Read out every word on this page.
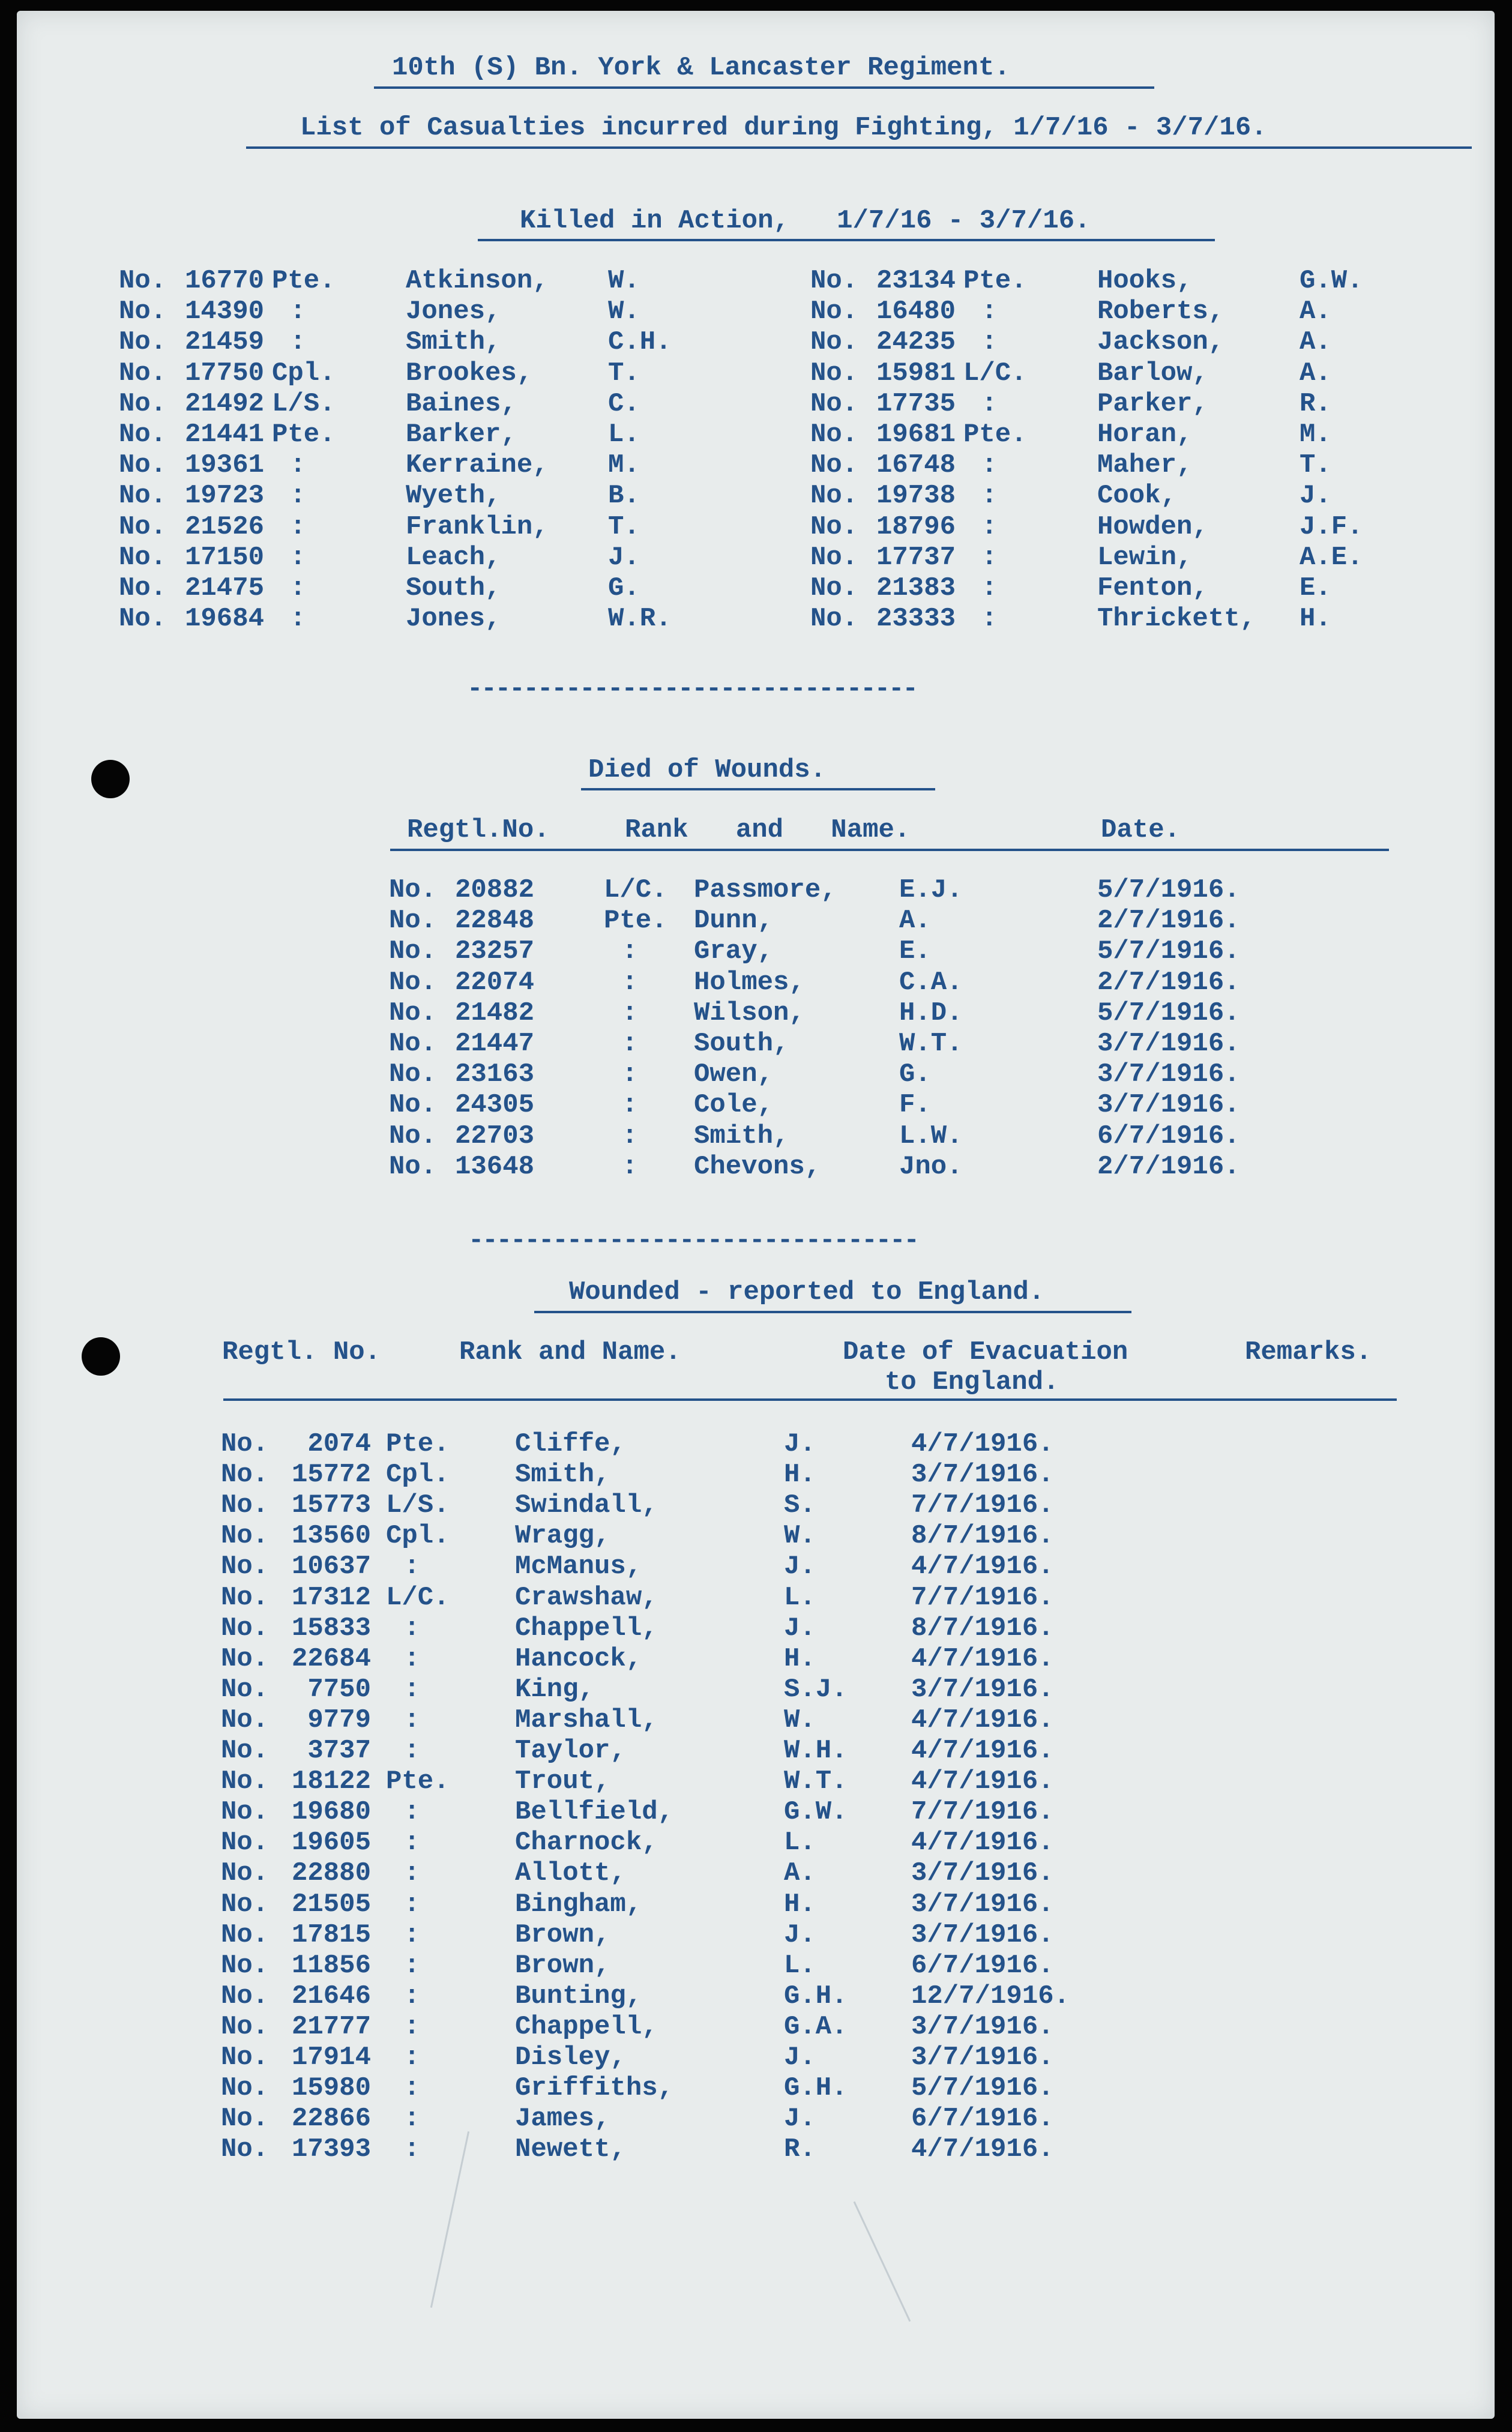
10th (S) Bn. York & Lancaster Regiment.
List of Casualties incurred during Fighting, 1/7/16 - 3/7/16.
Killed in Action,   1/7/16 - 3/7/16.
No. 16770 Pte.	Atkinson, W.
No. 14390 :	Jones,	W.
No. 21459 :	Smith,	C.H.
No. 17750 Cpl.	Brookes,	T.
No. 21492 L/S.	Baines,	C.
No. 21441 Pte.	Barker,	L.
No. 19361 :	Kerraine, M.
No. 19723 :	Wyeth,	B.
No. 21526 :	Franklin, T.
No. 17150 :	Leach,	J.
No. 21475 :	South,	G.
No. 19684 :	Jones,	W.R.
No. 23134 Pte.	Hooks,	G.W.
No. 16480 :	Roberts,	A.
No. 24235 :	Jackson,	A.
No. 15981 L/C.	Barlow,	A.
No. 17735 :	Parker,	R.
No. 19681 Pte.	Horan,	M.
No. 16748 :	Maher,	T.
No. 19738 :	Cook,	J.
No. 18796 :	Howden,	J.F.
No. 17737 :	Lewin,	A.E.
No. 21383 :	Fenton,	E.
No. 23333 :	Thrickett, H.
--------------------------------
Died of Wounds.
Regtl.No.	Rank   and   Name.	Date.
No. 20882	L/C. Passmore, E.J.	5/7/1916.
No. 22848	Pte. Dunn,	A.	2/7/1916.
No. 23257	: Gray,	E.	5/7/1916.
No. 22074	: Holmes,	C.A.	2/7/1916.
No. 21482	: Wilson,	H.D.	5/7/1916.
No. 21447	: South,	W.T.	3/7/1916.
No. 23163	: Owen,	G.	3/7/1916.
No. 24305	: Cole,	F.	3/7/1916.
No. 22703	: Smith,	L.W.	6/7/1916.
No. 13648	: Chevons,	Jno.	2/7/1916.
--------------------------------
Wounded - reported to England.
Regtl. No.	Rank and Name.	Date of Evacuation
to England.
Remarks.
No.	2074 Pte. Cliffe,	J.	4/7/1916.
No. 15772 Cpl. Smith,	H.	3/7/1916.
No. 15773 L/S. Swindall,	S.	7/7/1916.
No. 13560 Cpl. Wragg,	W.	8/7/1916.
No. 10637 :	McManus,	J.	4/7/1916.
No. 17312 L/C. Crawshaw,	L.	7/7/1916.
No. 15833 :	Chappell,	J.	8/7/1916.
No. 22684 :	Hancock,	H.	4/7/1916.
No.	7750 :	King,	S.J. 3/7/1916.
No.	9779 :	Marshall,	W.	4/7/1916.
No.	3737 :	Taylor,	W.H. 4/7/1916.
No. 18122 Pte. Trout,	W.T. 4/7/1916.
No. 19680 :	Bellfield,	G.W. 7/7/1916.
No. 19605 :	Charnock,	L.	4/7/1916.
No. 22880 :	Allott,	A.	3/7/1916.
No. 21505 :	Bingham,	H.	3/7/1916.
No. 17815 :	Brown,	J.	3/7/1916.
No. 11856 :	Brown,	L.	6/7/1916.
No. 21646 :	Bunting,	G.H. 12/7/1916.
No. 21777 :	Chappell,	G.A. 3/7/1916.
No. 17914 :	Disley,	J.	3/7/1916.
No. 15980 :	Griffiths,	G.H. 5/7/1916.
No. 22866 :	James,	J.	6/7/1916.
No. 17393 :	Newett,	R.	4/7/1916.
